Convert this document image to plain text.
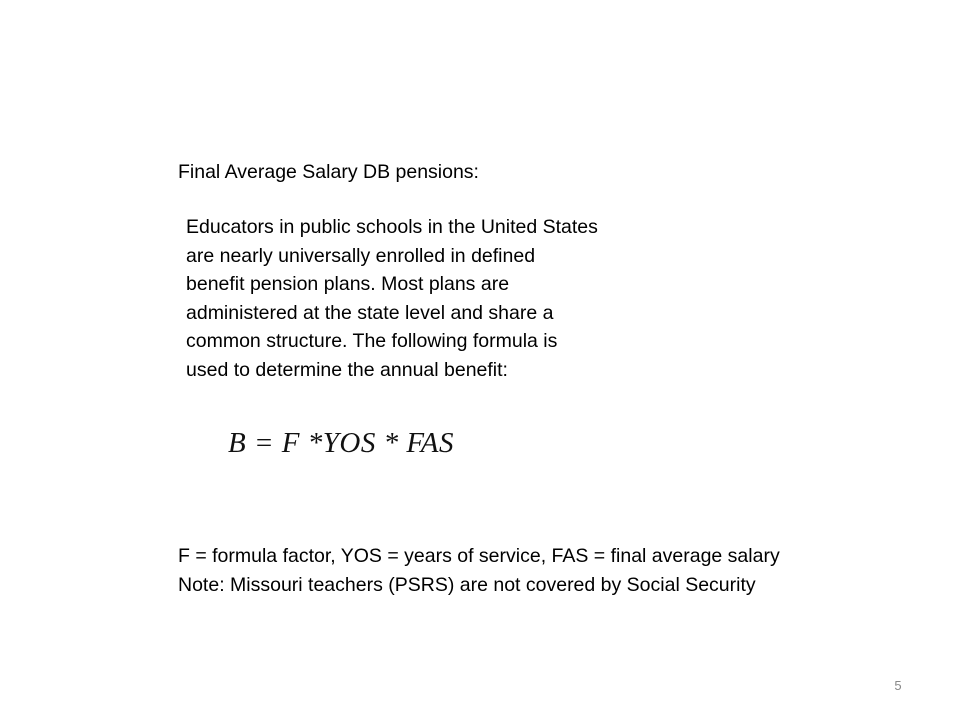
Final Average Salary DB pensions:
Educators in public schools in the United States
are nearly universally enrolled in defined
benefit pension plans. Most plans are
administered at the state level and share a
common structure. The following formula is
used to determine the annual benefit:
B = F *YOS * FAS
F = formula factor, YOS = years of service, FAS = final average salary
Note: Missouri teachers (PSRS) are not covered by Social Security
5
